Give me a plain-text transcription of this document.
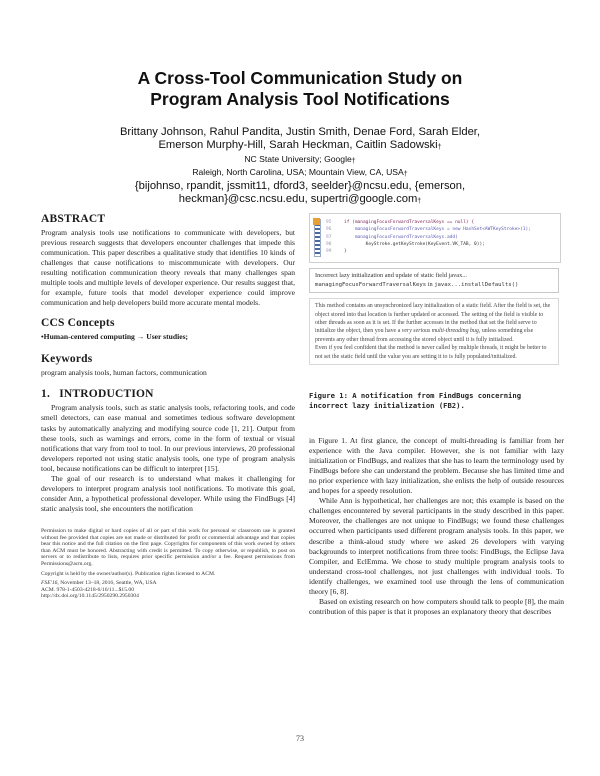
A Cross-Tool Communication Study on
Program Analysis Tool Notifications
Brittany Johnson, Rahul Pandita, Justin Smith, Denae Ford, Sarah Elder,
Emerson Murphy-Hill, Sarah Heckman, Caitlin Sadowski†
NC State University; Google†
Raleigh, North Carolina, USA; Mountain View, CA, USA†
{bijohnso, rpandit, jssmit11, dford3, seelder}@ncsu.edu, {emerson,
heckman}@csc.ncsu.edu, supertri@google.com†
ABSTRACT

Program analysis tools use notifications to communicate with developers, but previous research suggests that developers encounter challenges that impede this communication. This paper describes a qualitative study that identifies 10 kinds of challenges that cause notifications to miscommunicate with developers. Our resulting notification communication theory reveals that many challenges span multiple tools and multiple levels of developer experience. Our results suggest that, for example, future tools that model developer experience could improve communication and help developers build more accurate mental models.

CCS Concepts

•Human-centered computing → User studies;

Keywords

program analysis tools, human factors, communication

1.   INTRODUCTION

Program analysis tools, such as static analysis tools, refactoring tools, and code smell detectors, can ease manual and sometimes tedious software development tasks by automatically analyzing and modifying source code [1, 21]. Output from these tools, such as warnings and errors, come in the form of textual or visual notifications that vary from tool to tool. In our previous interviews, 20 professional developers reported not using static analysis tools, one type of program analysis tool, because notifications can be difficult to interpret [15].

The goal of our research is to understand what makes it challenging for developers to interpret program analysis tool notifications. To motivate this goal, consider Ann, a hypothetical professional developer. While using the FindBugs [4] static analysis tool, she encounters the notification

Permission to make digital or hard copies of all or part of this work for personal or classroom use is granted without fee provided that copies are not made or distributed for profit or commercial advantage and that copies bear this notice and the full citation on the first page. Copyrights for components of this work owned by others than ACM must be honored. Abstracting with credit is permitted. To copy otherwise, or republish, to post on servers or to redistribute to lists, requires prior specific permission and/or a fee. Request permissions from Permissions@acm.org.

Copyright is held by the owner/author(s). Publication rights licensed to ACM.

FSE'16, November 13–18, 2016, Seattle, WA, USA

ACM. 978-1-4503-4218-6/16/11...$15.00

http://dx.doi.org/10.1145/2950290.2950304

95	if (managingFocusForwardTraversalKeys == null) {
96	managingFocusForwardTraversalKeys = new HashSet<AWTKeyStroke>(1);
97	managingFocusForwardTraversalKeys.add(
98	KeyStroke.getKeyStroke(KeyEvent.VK_TAB, 0));
99	}
Incorrect lazy initialization and update of static field javax...
managingFocusForwardTraversalKeys in javax...installDefaults()
This method contains an unsynchronized lazy initialization of a static field. After the field is set, the object stored into that location is further updated or accessed. The setting of the field is visible to other threads as soon as it is set. If the further accesses in the method that set the field serve to initialize the object, then you have a very serious multi-threading bug, unless something else prevents any other thread from accessing the stored object until it is fully initialized.
Even if you feel confident that the method is never called by multiple threads, it might be better to not set the static field until the value you are setting it to is fully populated/initialized.
Figure 1: A notification from FindBugs concerning incorrect lazy initialization (FB2).

in Figure 1. At first glance, the concept of multi-threading is familiar from her experience with the Java compiler. However, she is not familiar with lazy initialization or FindBugs, and realizes that she has to learn the terminology used by FindBugs before she can understand the problem. Because she has limited time and no prior experience with lazy initialization, she enlists the help of outside resources and hopes for a speedy resolution.

While Ann is hypothetical, her challenges are not; this example is based on the challenges encountered by several participants in the study described in this paper. Moreover, the challenges are not unique to FindBugs; we found these challenges occurred when participants used different program analysis tools. In this paper, we describe a think-aloud study where we asked 26 developers with varying backgrounds to interpret notifications from three tools: FindBugs, the Eclipse Java Compiler, and EclEmma. We chose to study multiple program analysis tools to understand cross-tool challenges, not just challenges with individual tools. To identify challenges, we examined tool use through the lens of communication theory [6, 8].

Based on existing research on how computers should talk to people [8], the main contribution of this paper is that it proposes an explanatory theory that describes

73
